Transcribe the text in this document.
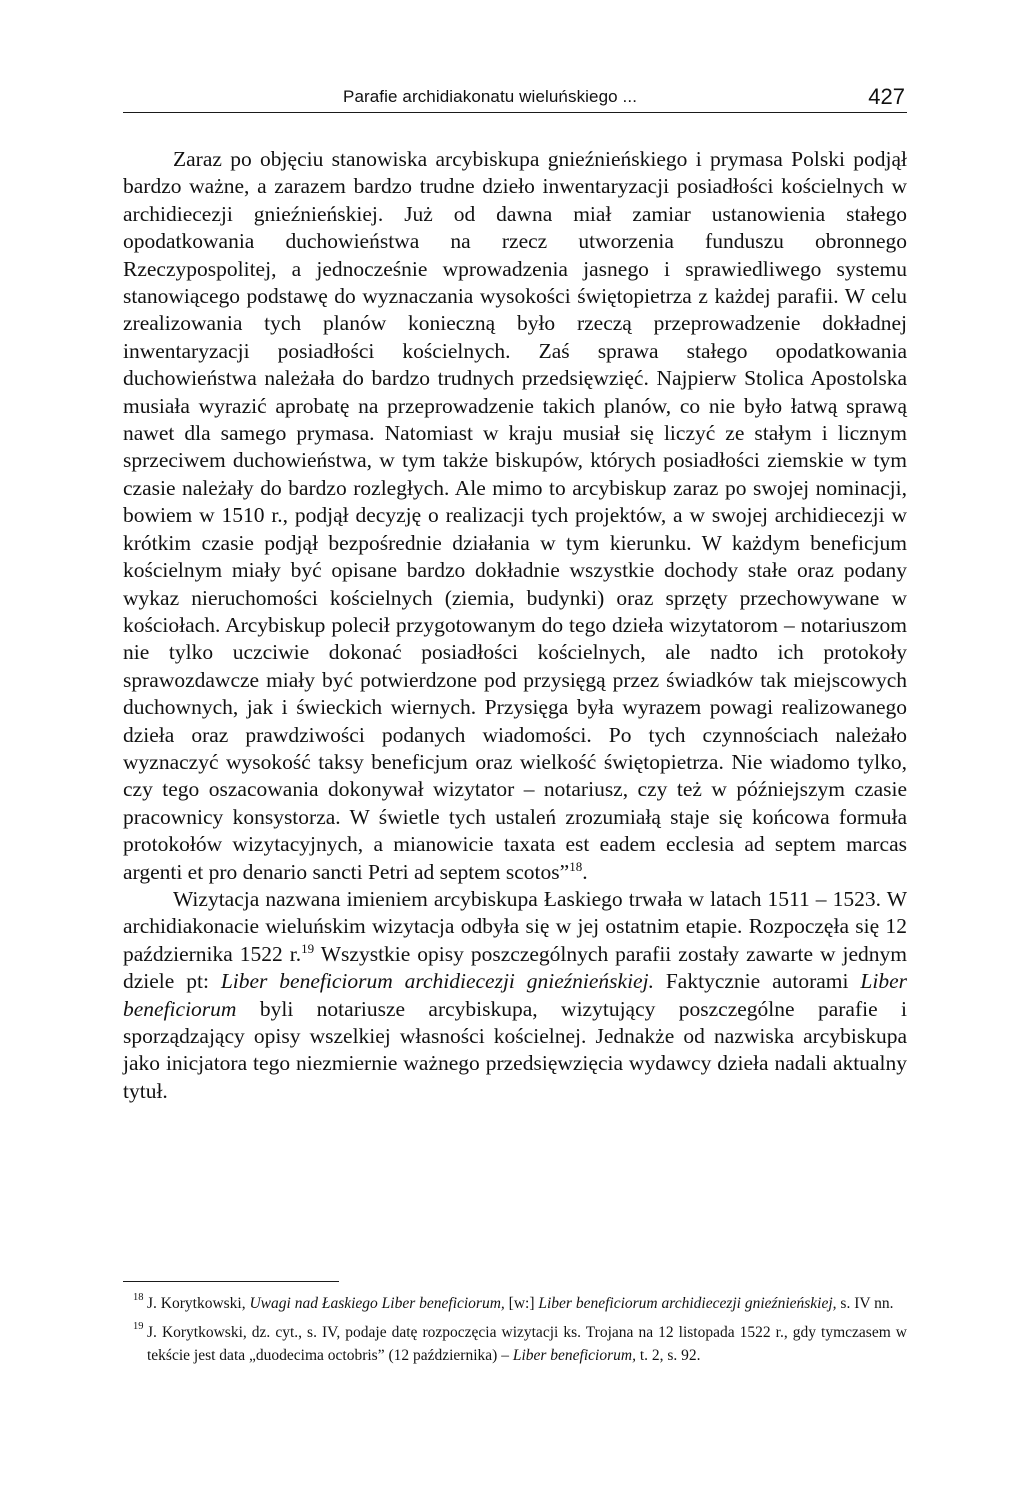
Parafie archidiakonatu wieluńskiego ...	427

Zaraz po objęciu stanowiska arcybiskupa gnieźnieńskiego i prymasa Polski podjął bardzo ważne, a zarazem bardzo trudne dzieło inwentaryzacji posiadłości kościelnych w archidiecezji gnieźnieńskiej. Już od dawna miał zamiar ustanowienia stałego opodatkowania duchowieństwa na rzecz utworzenia funduszu obronnego Rzeczypospolitej, a jednocześnie wprowadzenia jasnego i sprawiedliwego systemu stanowiącego podstawę do wyznaczania wysokości świętopietrza z każdej parafii. W celu zrealizowania tych planów konieczną było rzeczą przeprowadzenie dokładnej inwentaryzacji posiadłości kościelnych. Zaś sprawa stałego opodatkowania duchowieństwa należała do bardzo trudnych przedsięwzięć. Najpierw Stolica Apostolska musiała wyrazić aprobatę na przeprowadzenie takich planów, co nie było łatwą sprawą nawet dla samego prymasa. Natomiast w kraju musiał się liczyć ze stałym i licznym sprzeciwem duchowieństwa, w tym także biskupów, których posiadłości ziemskie w tym czasie należały do bardzo rozległych. Ale mimo to arcybiskup zaraz po swojej nominacji, bowiem w 1510 r., podjął decyzję o realizacji tych projektów, a w swojej archidiecezji w krótkim czasie podjął bezpośrednie działania w tym kierunku. W każdym beneficjum kościelnym miały być opisane bardzo dokładnie wszystkie dochody stałe oraz podany wykaz nieruchomości kościelnych (ziemia, budynki) oraz sprzęty przechowywane w kościołach. Arcybiskup polecił przygotowanym do tego dzieła wizytatorom – notariuszom nie tylko uczciwie dokonać posiadłości kościelnych, ale nadto ich protokoły sprawozdawcze miały być potwierdzone pod przysięgą przez świadków tak miejscowych duchownych, jak i świeckich wiernych. Przysięga była wyrazem powagi realizowanego dzieła oraz prawdziwości podanych wiadomości. Po tych czynnościach należało wyznaczyć wysokość taksy beneficjum oraz wielkość świętopietrza. Nie wiadomo tylko, czy tego oszacowania dokonywał wizytator – notariusz, czy też w późniejszym czasie pracownicy konsystorza. W świetle tych ustaleń zrozumiałą staje się końcowa formuła protokołów wizytacyjnych, a mianowicie taxata est eadem ecclesia ad septem marcas argenti et pro denario sancti Petri ad septem scotos”$^{18}$.

Wizytacja nazwana imieniem arcybiskupa Łaskiego trwała w latach 1511 – 1523. W archidiakonacie wieluńskim wizytacja odbyła się w jej ostatnim etapie. Rozpoczęła się 12 października 1522 r.$^{19}$ Wszystkie opisy poszczególnych parafii zostały zawarte w jednym dziele pt: Liber beneficiorum archidiecezji gnieźnieńskiej. Faktycznie autorami Liber beneficiorum byli notariusze arcybiskupa, wizytujący poszczególne parafie i sporządzający opisy wszelkiej własności kościelnej. Jednakże od nazwiska arcybiskupa jako inicjatora tego niezmiernie ważnego przedsięwzięcia wydawcy dzieła nadali aktualny tytuł.

18 J. Korytkowski, Uwagi nad Łaskiego Liber beneficiorum, [w:] Liber beneficiorum archidiecezji gnieźnieńskiej, s. IV nn.
19 J. Korytkowski, dz. cyt., s. IV, podaje datę rozpoczęcia wizytacji ks. Trojana na 12 listopada 1522 r., gdy tymczasem w tekście jest data „duodecima octobris” (12 października) – Liber beneficiorum, t. 2, s. 92.
